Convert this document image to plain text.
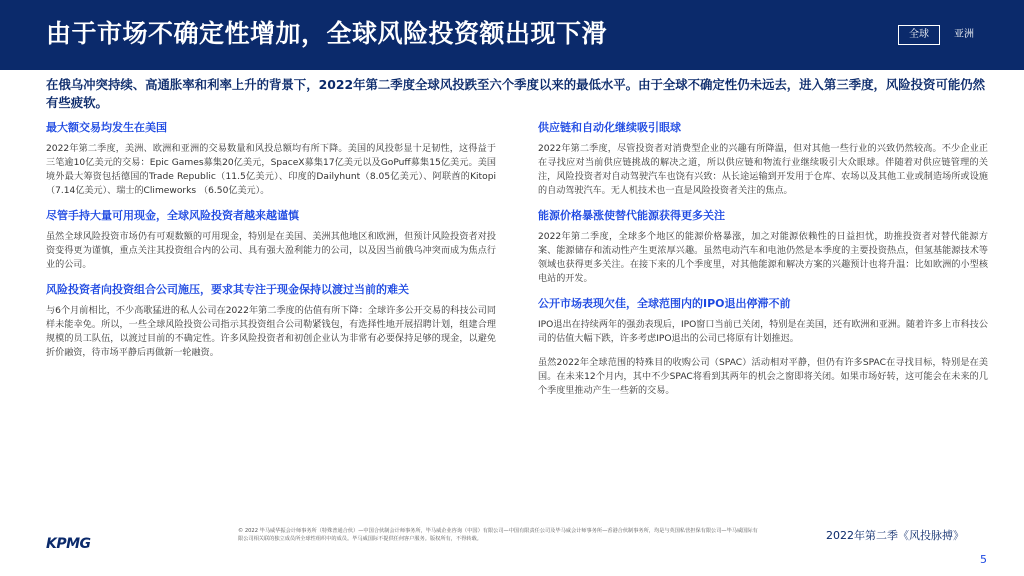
由于市场不确定性增加，全球风险投资额出现下滑	全球	亚洲
在俄乌冲突持续、高通胀率和利率上升的背景下，2022年第二季度全球风投跌至六个季度以来的最低水平。由于全球不确定性仍未远去，进入第三季度，风险投资可能仍然有些疲软。
最大额交易均发生在美国
2022年第二季度，美洲、欧洲和亚洲的交易数量和风投总额均有所下降。美国的风投彰显十足韧性，这得益于三笔逾10亿美元的交易：Epic Games募集20亿美元，SpaceX募集17亿美元以及GoPuff募集15亿美元。美国境外最大筹资包括德国的Trade Republic（11.5亿美元）、印度的Dailyhunt（8.05亿美元）、阿联酋的Kitopi（7.14亿美元）、瑞士的Climeworks （6.50亿美元）。
尽管手持大量可用现金，全球风险投资者越来越谨慎
虽然全球风险投资市场仍有可观数额的可用现金，特别是在美国、美洲其他地区和欧洲，但预计风险投资者对投资变得更为谨慎，重点关注其投资组合内的公司、具有强大盈利能力的公司，以及因当前俄乌冲突而成为焦点行业的公司。
风险投资者向投资组合公司施压，要求其专注于现金保持以渡过当前的难关
与6个月前相比，不少高歌猛进的私人公司在2022年第二季度的估值有所下降：全球许多公开交易的科技公司同样未能幸免。所以，一些全球风险投资公司指示其投资组合公司勒紧钱包，有选择性地开展招聘计划，组建合理规模的员工队伍，以渡过目前的不确定性。许多风险投资者和初创企业认为非常有必要保持足够的现金，以避免折价融资，待市场平静后再做新一轮融资。
供应链和自动化继续吸引眼球
2022年第二季度，尽管投资者对消费型企业的兴趣有所降温，但对其他一些行业的兴致仍然较高。不少企业正在寻找应对当前供应链挑战的解决之道，所以供应链和物流行业继续吸引大众眼球。伴随着对供应链管理的关注，风险投资者对自动驾驶汽车也饶有兴致：从长途运输到开发用于仓库、农场以及其他工业或制造场所或设施的自动驾驶汽车。无人机技术也一直是风险投资者关注的焦点。
能源价格暴涨使替代能源获得更多关注
2022年第二季度，全球多个地区的能源价格暴涨，加之对能源依赖性的日益担忧，助推投资者对替代能源方案、能源储存和流动性产生更浓厚兴趣。虽然电动汽车和电池仍然是本季度的主要投资热点，但氢基能源技术等领域也获得更多关注。在接下来的几个季度里，对其他能源和解决方案的兴趣预计也将升温：比如欧洲的小型核电站的开发。
公开市场表现欠佳，全球范围内的IPO退出停滞不前
IPO退出在持续两年的强劲表现后，IPO窗口当前已关闭，特别是在美国，还有欧洲和亚洲。随着许多上市科技公司的估值大幅下跌，许多考虑IPO退出的公司已将原有计划推迟。
虽然2022年全球范围的特殊目的收购公司（SPAC）活动相对平静，但仍有许多SPAC在寻找目标，特别是在美国。在未来12个月内，其中不少SPAC将看到其两年的机会之窗即将关闭。如果市场好转，这可能会在未来的几个季度里推动产生一些新的交易。
KPMG
© 2022 毕马威华振会计师事务所（特殊普通合伙）—中国合伙制会计师事务所，毕马威企业咨询（中国）有限公司—中国有限责任公司及毕马威会计师事务所—香港合伙制事务所，均是与英国私营担保有限公司—毕马威国际有限公司相关联的独立成员所全球性组织中的成员。毕马威国际不提供任何客户服务。版权所有，不得转载。	2022年第二季《风投脉搏》
5
